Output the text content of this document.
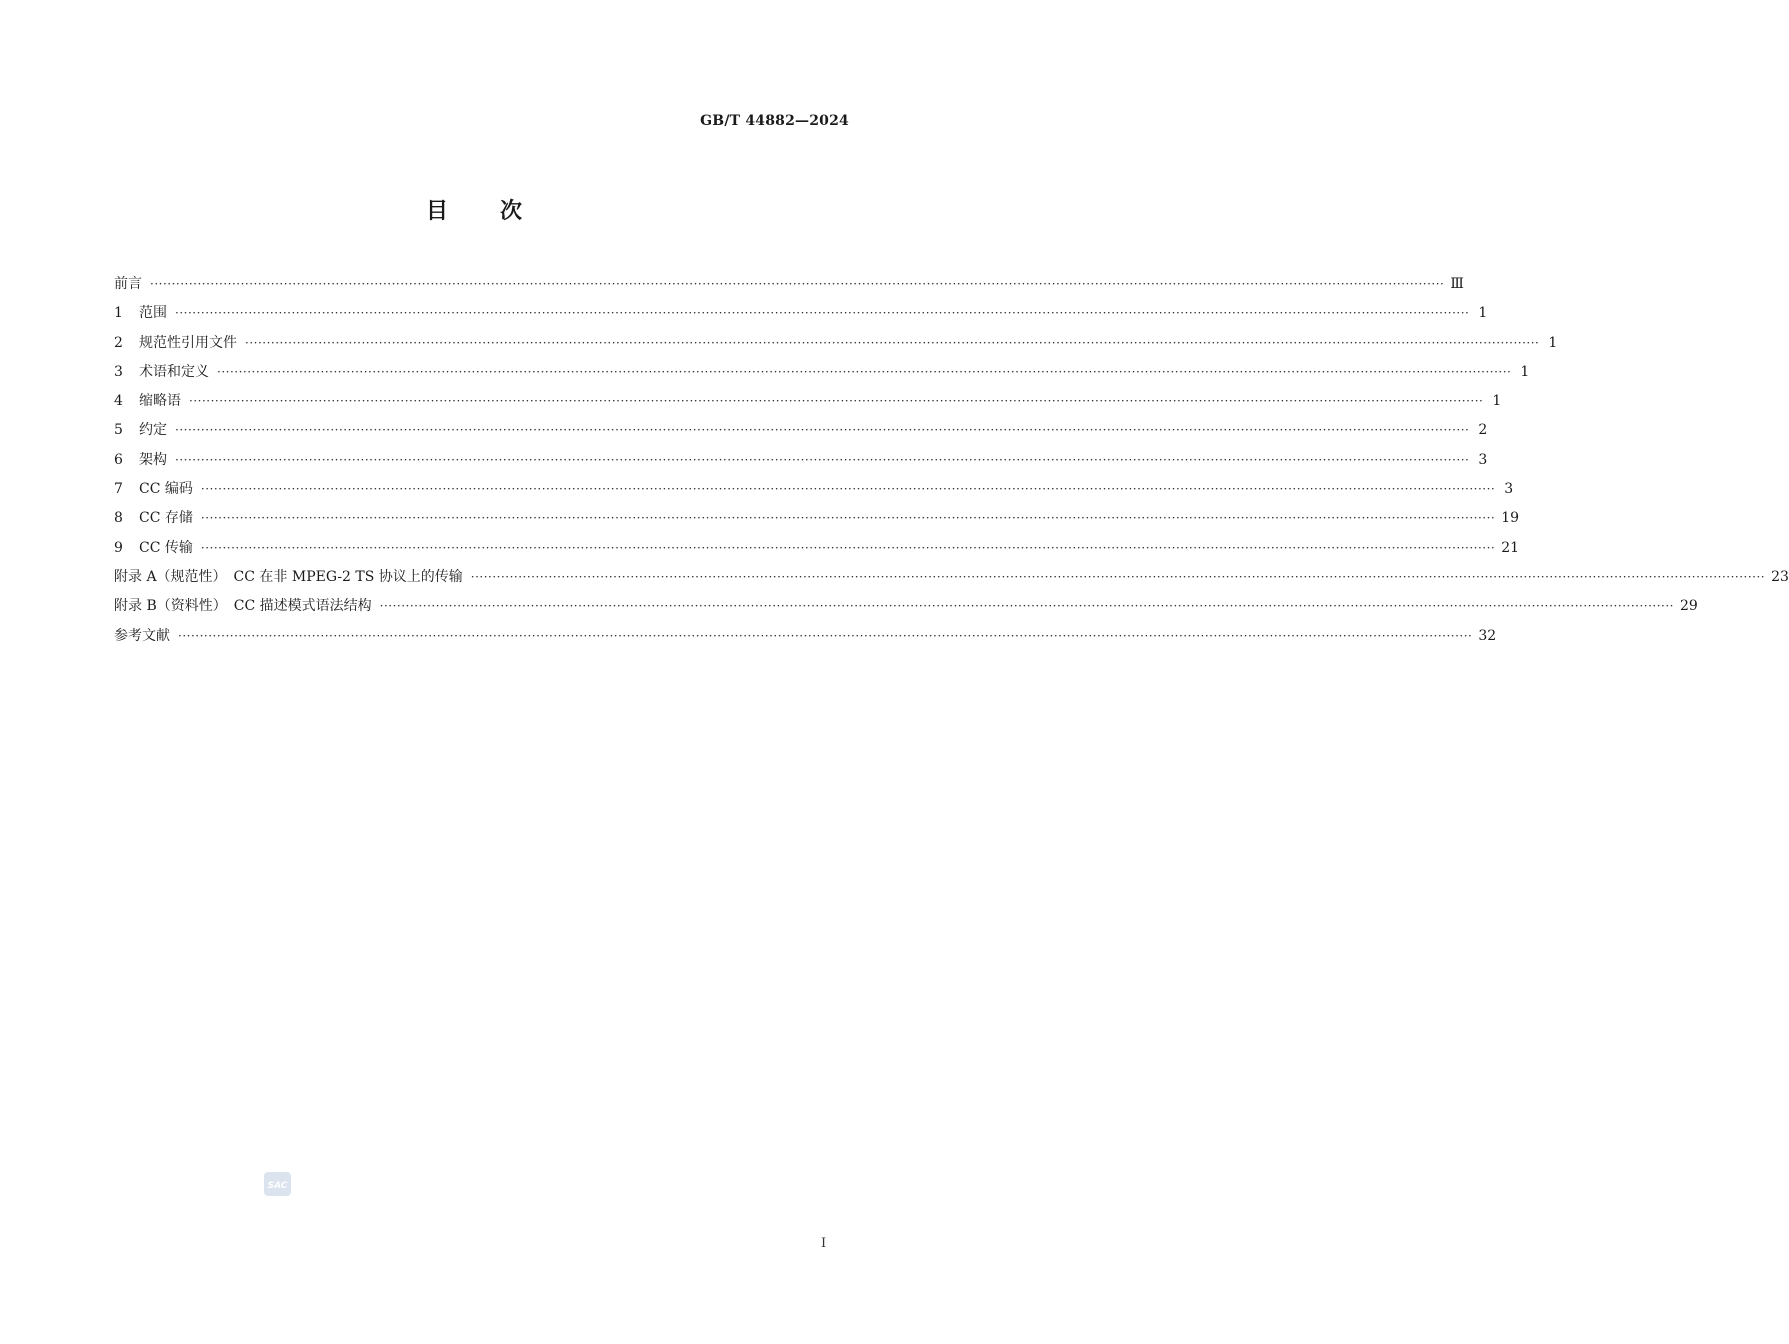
GB/T 44882—2024
目 次
前言 ············································································································································································································································································································ Ⅲ
1	范围 ············································································································································································································································································································ 1
2	规范性引用文件 ············································································································································································································································································································ 1
3	术语和定义 ············································································································································································································································································································ 1
4	缩略语 ············································································································································································································································································································ 1
5	约定 ············································································································································································································································································································ 2
6	架构 ············································································································································································································································································································ 3
7	CC 编码 ············································································································································································································································································································ 3
8	CC 存储 ············································································································································································································································································································ 19
9	CC 传输 ············································································································································································································································································································ 21
附录 A（规范性）　CC 在非 MPEG-2 TS 协议上的传输 ············································································································································································································································································································ 23
附录 B（资料性）　CC 描述模式语法结构 ············································································································································································································································································································ 29
参考文献 ············································································································································································································································································································ 32
SAC
I
